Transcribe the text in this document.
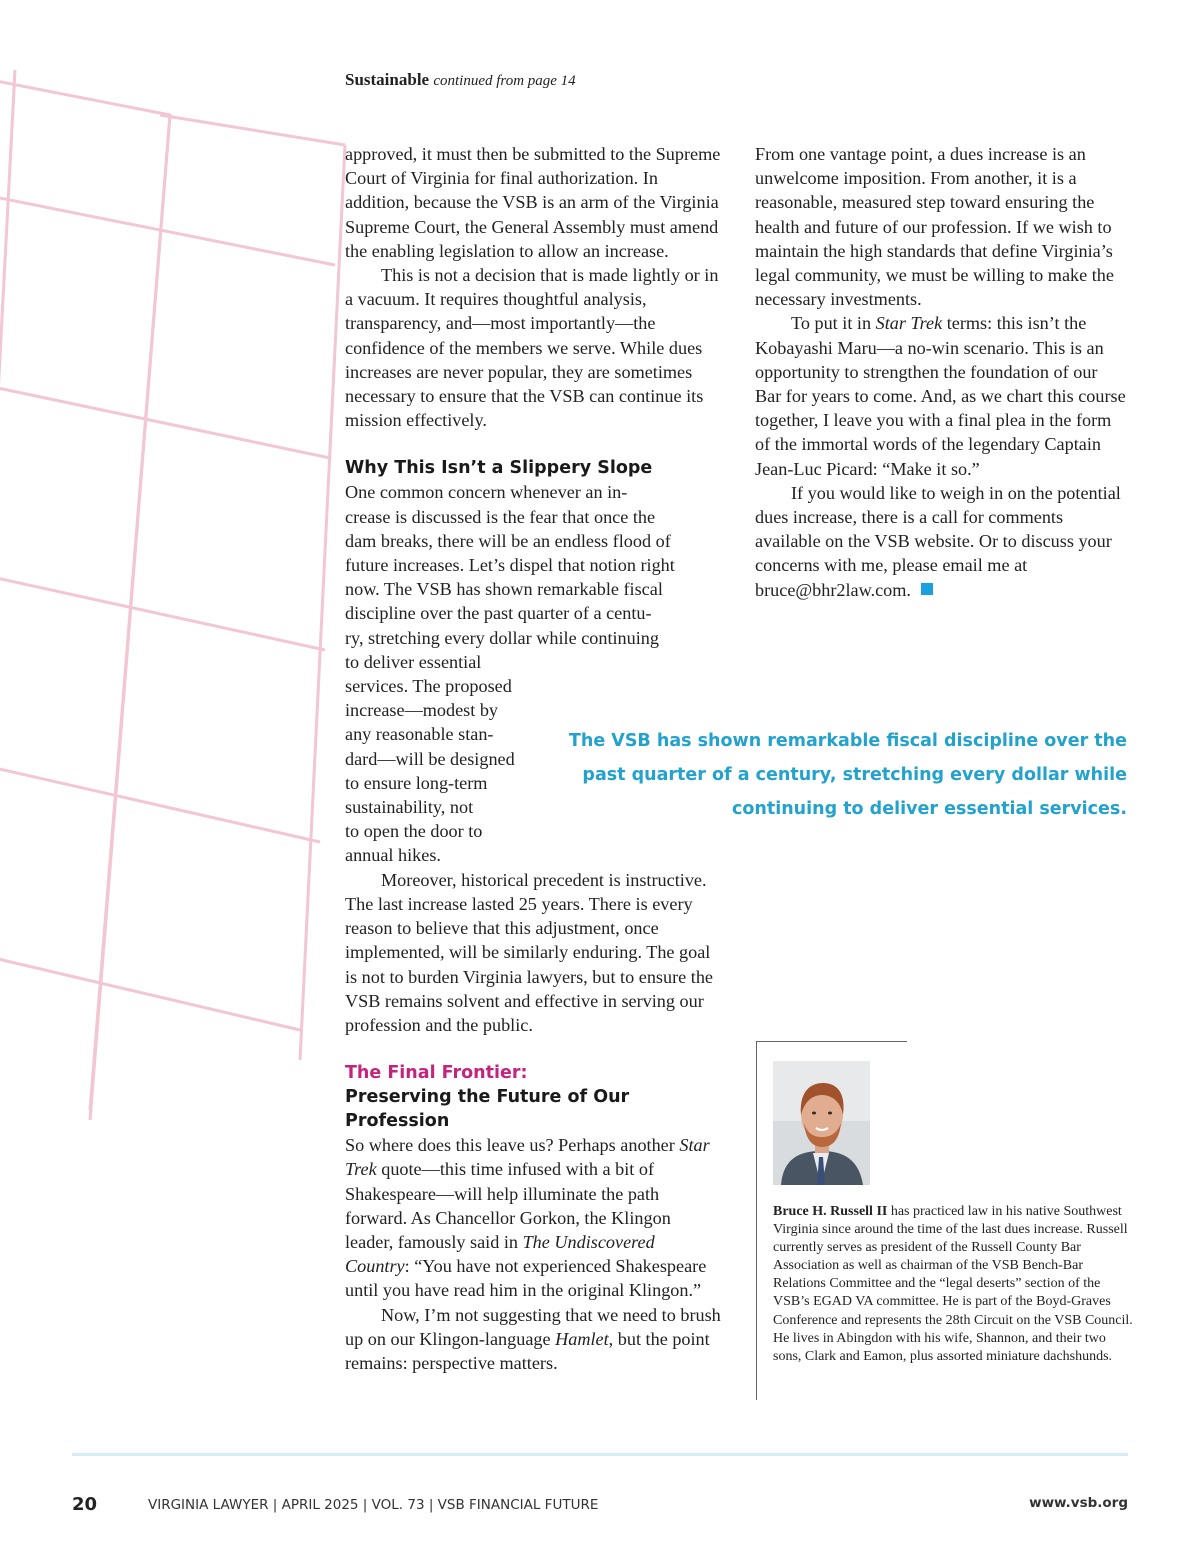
Sustainable continued from page 14

approved, it must then be submitted to the Supreme Court of Virginia for final authorization. In addition, because the VSB is an arm of the Virginia Supreme Court, the General Assembly must amend the enabling legislation to allow an increase.

This is not a decision that is made lightly or in a vacuum. It requires thoughtful analysis, transparency, and—most importantly—the confidence of the members we serve. While dues increases are never popular, they are sometimes necessary to ensure that the VSB can continue its mission effectively.

Why This Isn’t a Slippery Slope
One common concern whenever an in-
crease is discussed is the fear that once the
dam breaks, there will be an endless flood of
future increases. Let’s dispel that notion right
now. The VSB has shown remarkable fiscal
discipline over the past quarter of a centu-
ry, stretching every dollar while continuing
to deliver essential
services. The proposed
increase—modest by
any reasonable stan-
dard—will be designed
to ensure long-term
sustainability, not
to open the door to
annual hikes.

Moreover, historical precedent is instructive. The last increase lasted 25 years. There is every reason to believe that this adjustment, once implemented, will be similarly enduring. The goal is not to burden Virginia lawyers, but to ensure the VSB remains solvent and effective in serving our profession and the public.

The Final Frontier:
Preserving the Future of Our Profession

So where does this leave us? Perhaps another Star Trek quote—this time infused with a bit of Shakespeare—will help illuminate the path forward. As Chancellor Gorkon, the Klingon leader, famously said in The Undiscovered Country: “You have not experienced Shakespeare until you have read him in the original Klingon.”

Now, I’m not suggesting that we need to brush up on our Klingon-language Hamlet, but the point remains: perspective matters.

From one vantage point, a dues increase is an unwelcome imposition. From another, it is a reasonable, measured step toward ensuring the health and future of our profession. If we wish to maintain the high standards that define Virginia’s legal community, we must be willing to make the necessary investments.

To put it in Star Trek terms: this isn’t the Kobayashi Maru—a no-win scenario. This is an opportunity to strengthen the foundation of our Bar for years to come. And, as we chart this course together, I leave you with a final plea in the form of the immortal words of the legendary Captain Jean-Luc Picard: “Make it so.”

If you would like to weigh in on the potential dues increase, there is a call for comments available on the VSB website. Or to discuss your concerns with me, please email me at bruce@bhr2law.com.

The VSB has shown remarkable fiscal discipline over the
past quarter of a century, stretching every dollar while
continuing to deliver essential services.
Bruce H. Russell II has practiced law in his native Southwest Virginia since around the time of the last dues increase. Russell currently serves as president of the Russell County Bar Association as well as chairman of the VSB Bench-Bar Relations Committee and the “legal deserts” section of the VSB’s EGAD VA committee. He is part of the Boyd-Graves Conference and represents the 28th Circuit on the VSB Council. He lives in Abingdon with his wife, Shannon, and their two sons, Clark and Eamon, plus assorted miniature dachshunds.
20	VIRGINIA LAWYER | APRIL 2025 | VOL. 73 | VSB FINANCIAL FUTURE	www.vsb.org
